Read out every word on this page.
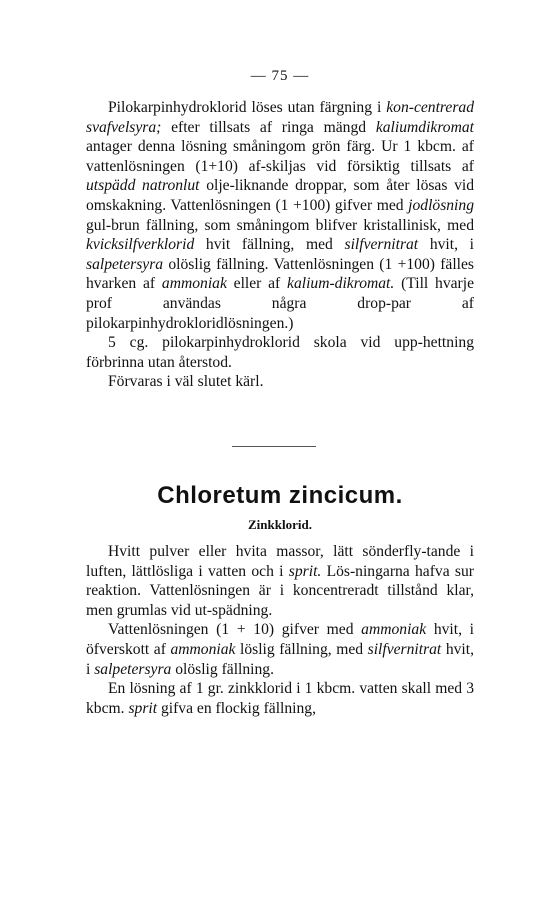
— 75 —

Pilokarpinhydroklorid löses utan färgning i kon-centrerad svafvelsyra; efter tillsats af ringa mängd kaliumdikromat antager denna lösning småningom grön färg. Ur 1 kbcm. af vattenlösningen (1+10) af-skiljas vid försiktig tillsats af utspädd natronlut olje-liknande droppar, som åter lösas vid omskakning. Vattenlösningen (1 +100) gifver med jodlösning gul-brun fällning, som småningom blifver kristallinisk, med kvicksilfverklorid hvit fällning, med silfvernitrat hvit, i salpetersyra olöslig fällning. Vattenlösningen (1 +100) fälles hvarken af ammoniak eller af kalium-dikromat. (Till hvarje prof användas några drop-par af pilokarpinhydrokloridlösningen.)

5 cg. pilokarpinhydroklorid skola vid upp-hettning förbrinna utan återstod.

Förvaras i väl slutet kärl.

Chloretum zincicum.
Zinkklorid.

Hvitt pulver eller hvita massor, lätt sönderfly-tande i luften, lättlösliga i vatten och i sprit. Lös-ningarna hafva sur reaktion. Vattenlösningen är i koncentreradt tillstånd klar, men grumlas vid ut-spädning.

Vattenlösningen (1 + 10) gifver med ammoniak hvit, i öfverskott af ammoniak löslig fällning, med silfvernitrat hvit, i salpetersyra olöslig fällning.

En lösning af 1 gr. zinkklorid i 1 kbcm. vatten skall med 3 kbcm. sprit gifva en flockig fällning,
